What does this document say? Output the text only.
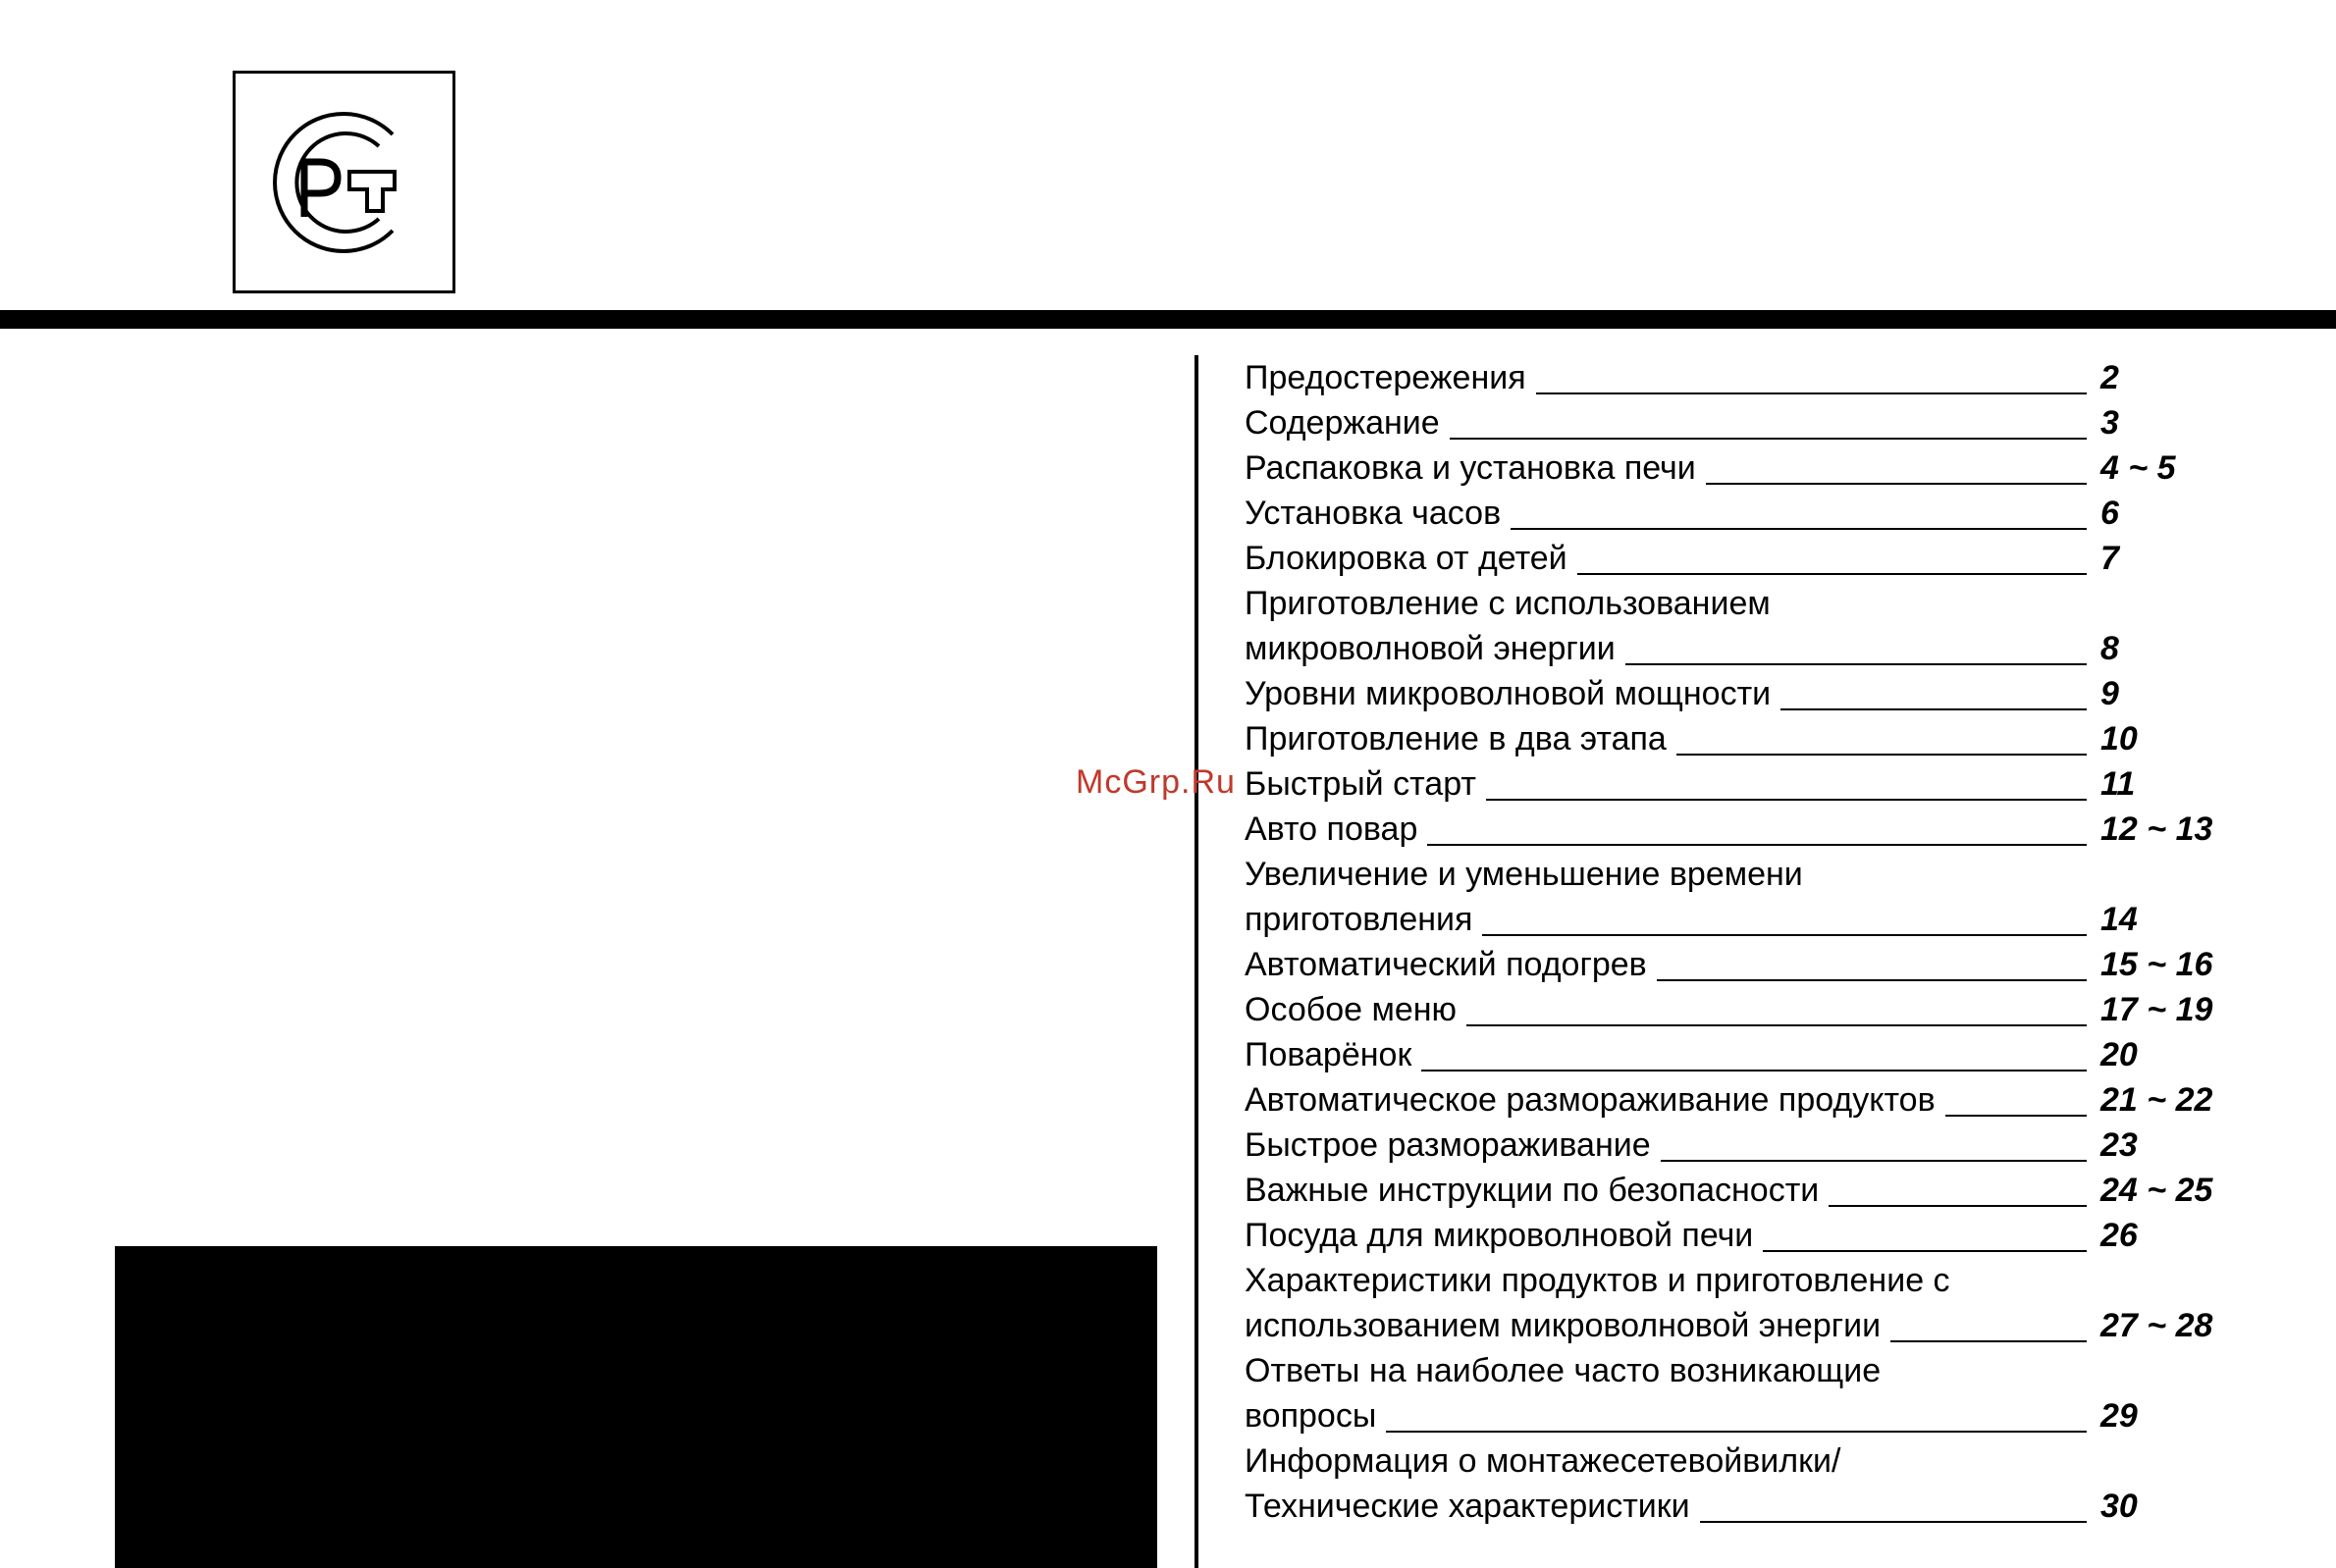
Предостережения	2
Содержание	3
Распаковка и установка печи	4 ~ 5
Установка часов	6
Блокировка от детей	7
Приготовление с использованием
микроволновой энергии	8
Уровни микроволновой мощности	9
Приготовление в два этапа	10
Быстрый старт	11
Авто повар	12 ~ 13
Увеличение и уменьшение времени
приготовления	14
Автоматический подогрев	15 ~ 16
Особое меню	17 ~ 19
Поварёнок	20
Автоматическое размораживание продуктов	21 ~ 22
Быстрое размораживание	23
Важные инструкции по безопасности	24 ~ 25
Посуда для микроволновой печи	26
Характеристики продуктов и приготовление с
использованием микроволновой энергии	27 ~ 28
Ответы на наиболее часто возникающие
вопросы	29
Информация о монтажесетевойвилки/
Технические характеристики	30
McGrp.Ru
